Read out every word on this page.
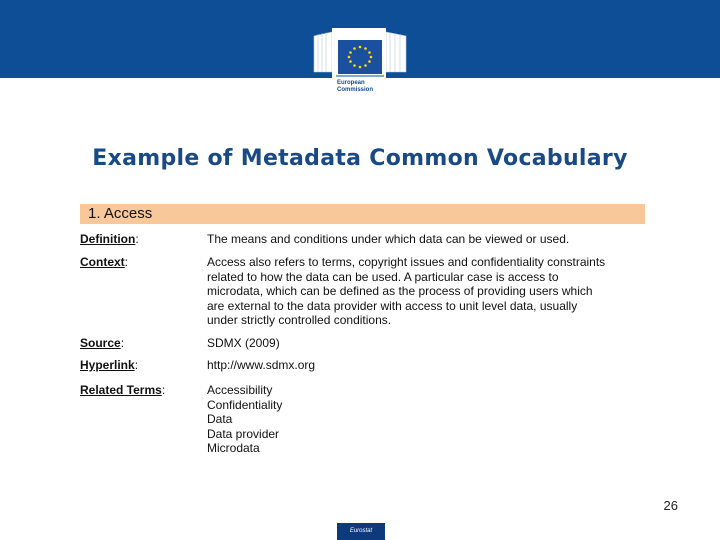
European
Commission
Example of Metadata Common Vocabulary
1. Access
Definition:	The means and conditions under which data can be viewed or used.
Context:	Access also refers to terms, copyright issues and confidentiality constraints
related to how the data can be used. A particular case is access to
microdata, which can be defined as the process of providing users which
are external to the data provider with access to unit level data, usually
under strictly controlled conditions.
Source:	SDMX (2009)
Hyperlink:	http://www.sdmx.org
Related Terms:	Accessibility
Confidentiality
Data
Data provider
Microdata
26
Eurostat
